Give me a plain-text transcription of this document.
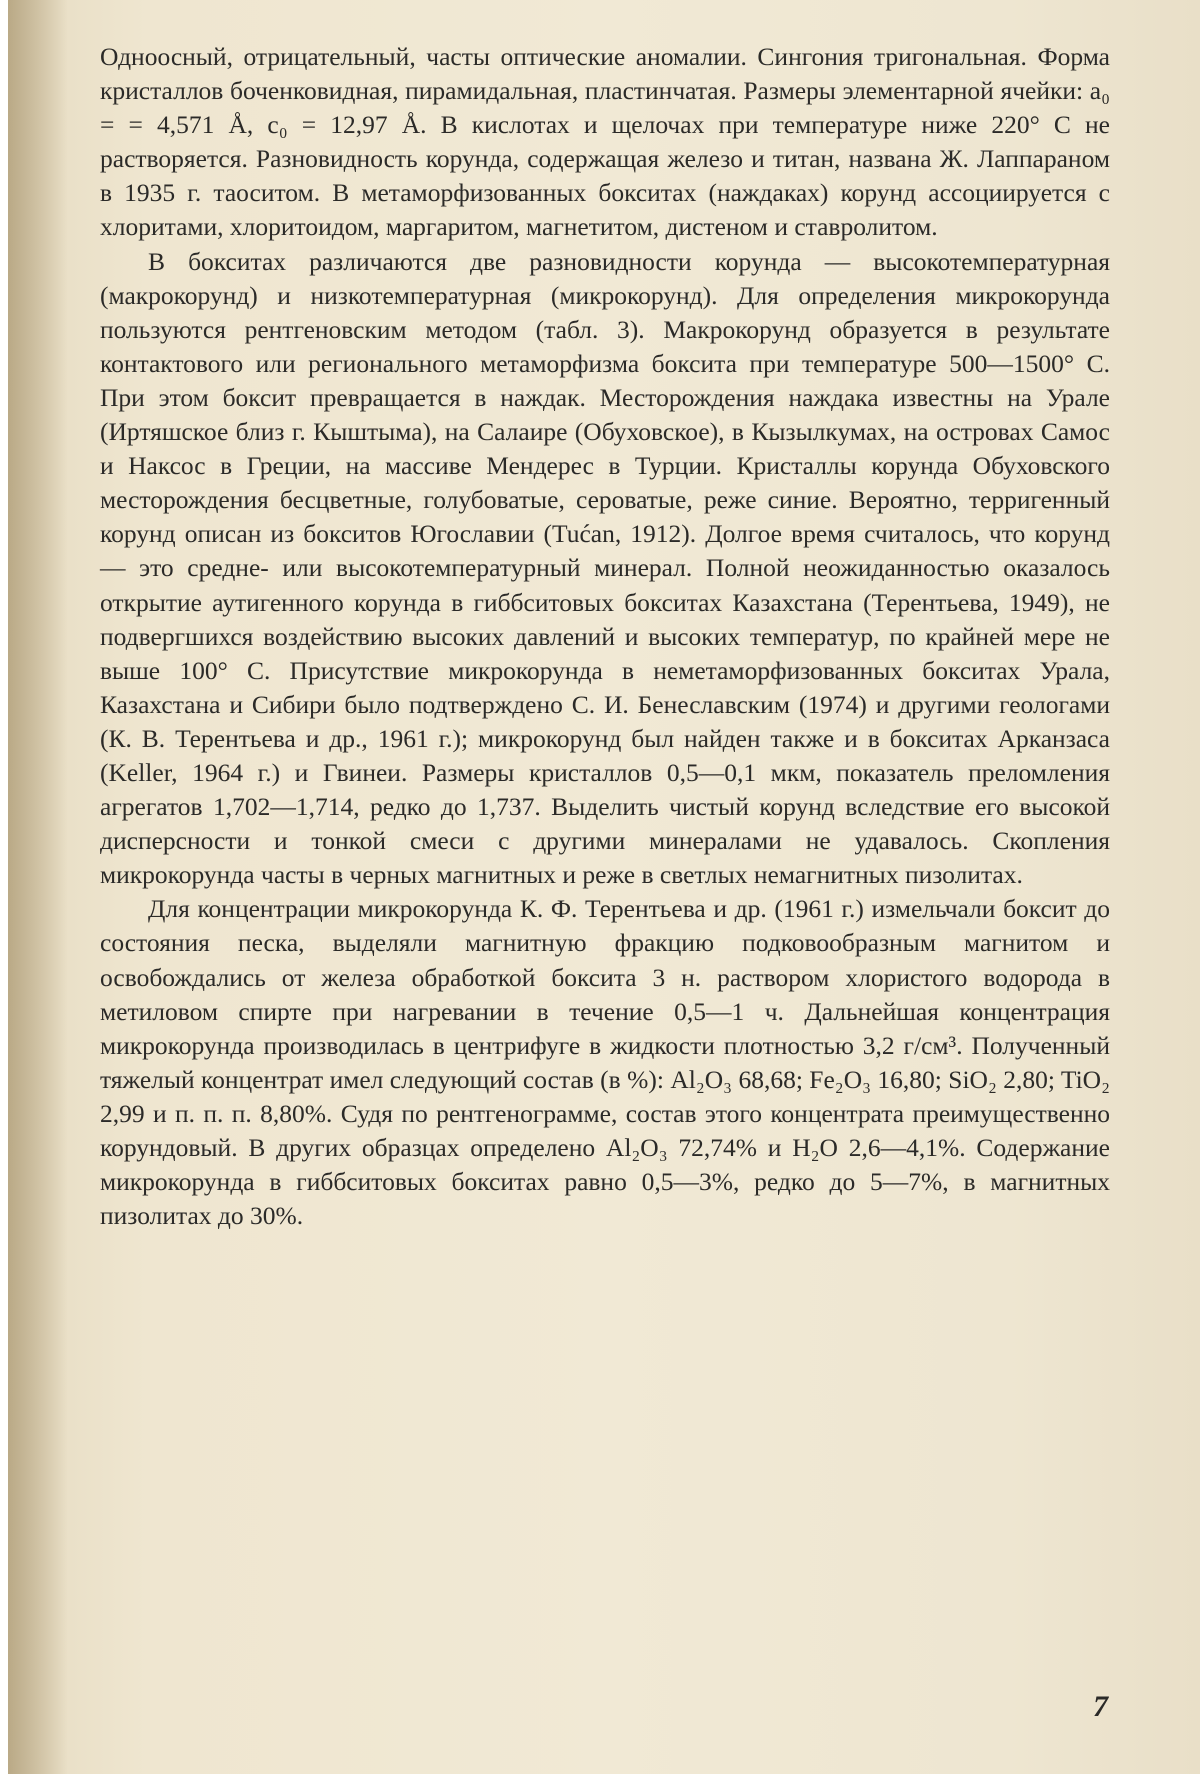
Одноосный, отрицательный, часты оптические аномалии. Сингония тригональная. Форма кристаллов боченковидная, пирамидальная, пластинчатая. Размеры элементарной ячейки: a₀ = = 4,571 Å, c₀ = 12,97 Å. В кислотах и щелочах при температуре ниже 220° C не растворяется. Разновидность корунда, содержащая железо и титан, названа Ж. Лаппараном в 1935 г. таоситом. В метаморфизованных бокситах (наждаках) корунд ассоциируется с хлоритами, хлоритоидом, маргаритом, магнетитом, дистеном и ставролитом.

В бокситах различаются две разновидности корунда — высокотемпературная (макрокорунд) и низкотемпературная (микрокорунд). Для определения микрокорунда пользуются рентгеновским методом (табл. 3). Макрокорунд образуется в результате контактового или регионального метаморфизма боксита при температуре 500—1500° C. При этом боксит превращается в наждак. Месторождения наждака известны на Урале (Иртяшское близ г. Кыштыма), на Салаире (Обуховское), в Кызылкумах, на островах Самос и Наксос в Греции, на массиве Мендерес в Турции. Кристаллы корунда Обуховского месторождения бесцветные, голубоватые, сероватые, реже синие. Вероятно, терригенный корунд описан из бокситов Югославии (Tućan, 1912). Долгое время считалось, что корунд — это средне- или высокотемпературный минерал. Полной неожиданностью оказалось открытие аутигенного корунда в гиббситовых бокситах Казахстана (Терентьева, 1949), не подвергшихся воздействию высоких давлений и высоких температур, по крайней мере не выше 100° C. Присутствие микрокорунда в неметаморфизованных бокситах Урала, Казахстана и Сибири было подтверждено С. И. Бенеславским (1974) и другими геологами (К. В. Терентьева и др., 1961 г.); микрокорунд был найден также и в бокситах Арканзаса (Keller, 1964 г.) и Гвинеи. Размеры кристаллов 0,5—0,1 мкм, показатель преломления агрегатов 1,702—1,714, редко до 1,737. Выделить чистый корунд вследствие его высокой дисперсности и тонкой смеси с другими минералами не удавалось. Скопления микрокорунда часты в черных магнитных и реже в светлых немагнитных пизолитах.

Для концентрации микрокорунда К. Ф. Терентьева и др. (1961 г.) измельчали боксит до состояния песка, выделяли магнитную фракцию подковообразным магнитом и освобождались от железа обработкой боксита 3 н. раствором хлористого водорода в метиловом спирте при нагревании в течение 0,5—1 ч. Дальнейшая концентрация микрокорунда производилась в центрифуге в жидкости плотностью 3,2 г/см³. Полученный тяжелый концентрат имел следующий состав (в %): Al₂O₃ 68,68; Fe₂O₃ 16,80; SiO₂ 2,80; TiO₂ 2,99 и п. п. п. 8,80%. Судя по рентгенограмме, состав этого концентрата преимущественно корундовый. В других образцах определено Al₂O₃ 72,74% и H₂O 2,6—4,1%. Содержание микрокорунда в гиббситовых бокситах равно 0,5—3%, редко до 5—7%, в магнитных пизолитах до 30%.

7
